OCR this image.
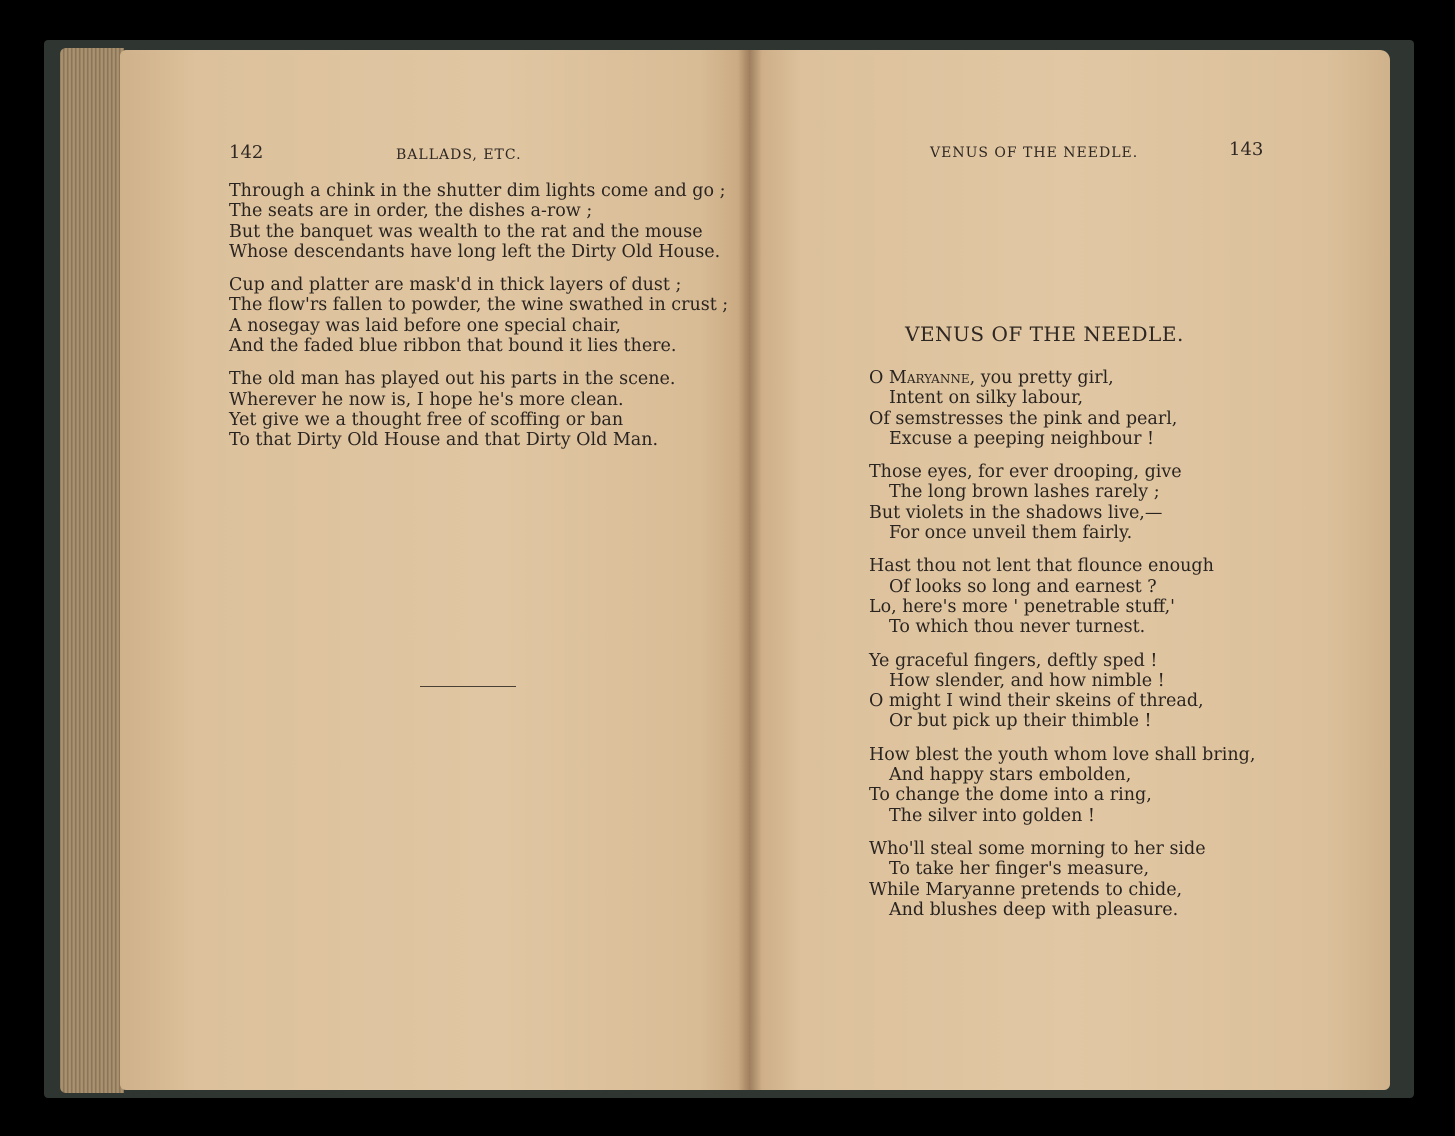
142	BALLADS, ETC.
Through a chink in the shutter dim lights come and go ;
The seats are in order, the dishes a-row ;
But the banquet was wealth to the rat and the mouse
Whose descendants have long left the Dirty Old House.
Cup and platter are mask'd in thick layers of dust ;
The flow'rs fallen to powder, the wine swathed in crust ;
A nosegay was laid before one special chair,
And the faded blue ribbon that bound it lies there.
The old man has played out his parts in the scene.
Wherever he now is, I hope he's more clean.
Yet give we a thought free of scoffing or ban
To that Dirty Old House and that Dirty Old Man.
VENUS OF THE NEEDLE.	143
VENUS OF THE NEEDLE.
O Maryanne, you pretty girl,
Intent on silky labour,
Of semstresses the pink and pearl,
Excuse a peeping neighbour !
Those eyes, for ever drooping, give
The long brown lashes rarely ;
But violets in the shadows live,—
For once unveil them fairly.
Hast thou not lent that flounce enough
Of looks so long and earnest ?
Lo, here's more ' penetrable stuff,'
To which thou never turnest.
Ye graceful fingers, deftly sped !
How slender, and how nimble !
O might I wind their skeins of thread,
Or but pick up their thimble !
How blest the youth whom love shall bring,
And happy stars embolden,
To change the dome into a ring,
The silver into golden !
Who'll steal some morning to her side
To take her finger's measure,
While Maryanne pretends to chide,
And blushes deep with pleasure.
